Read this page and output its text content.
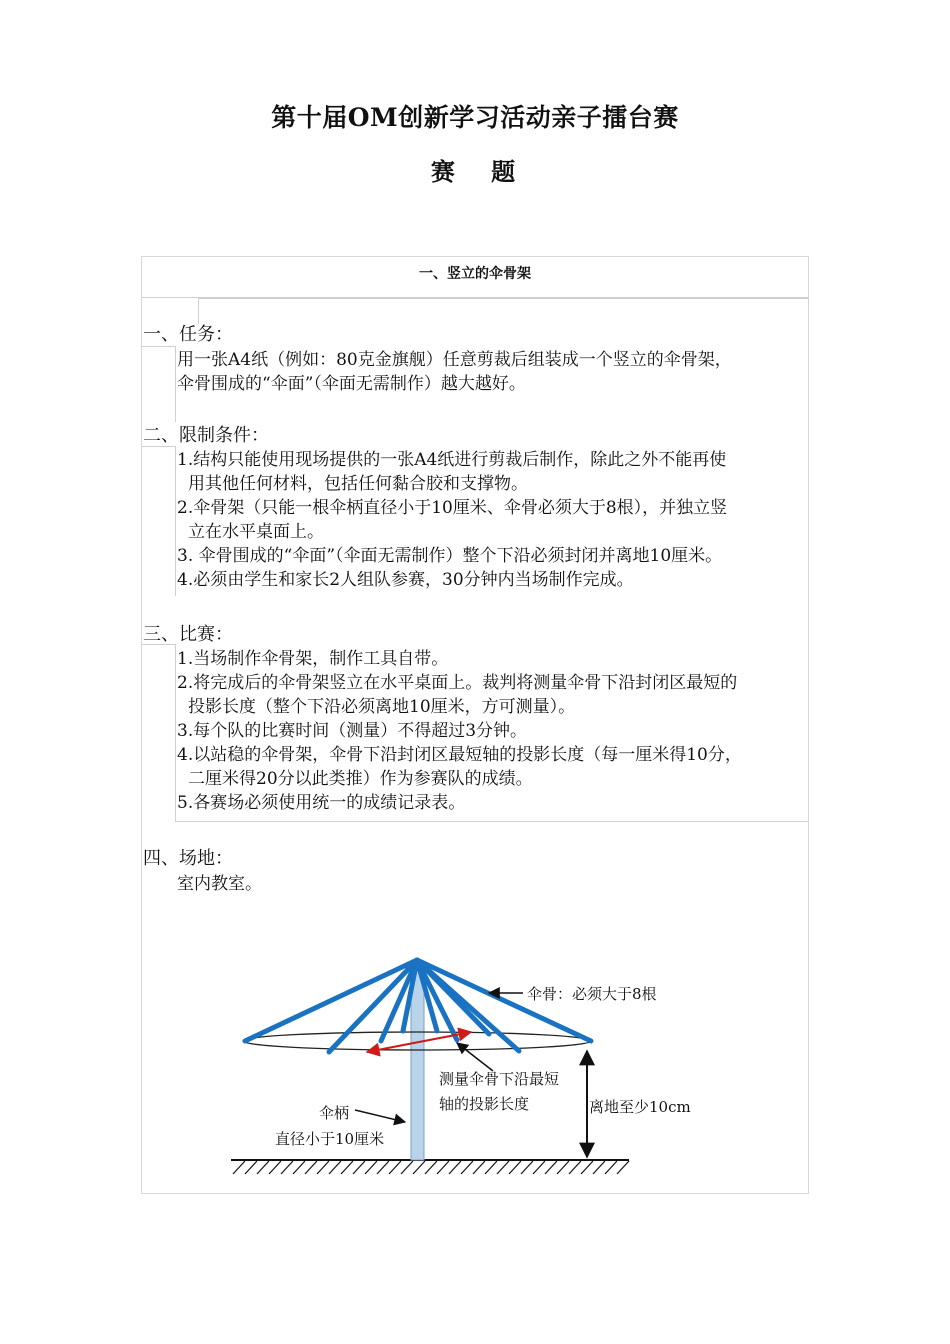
第十届OM创新学习活动亲子擂台赛
赛 题
一、竖立的伞骨架
一、任务：

用一张A4纸（例如：80克金旗舰）任意剪裁后组装成一个竖立的伞骨架，

伞骨围成的“伞面”（伞面无需制作）越大越好。

二、限制条件：

1.结构只能使用现场提供的一张A4纸进行剪裁后制作，除此之外不能再使

用其他任何材料，包括任何黏合胶和支撑物。

2.伞骨架（只能一根伞柄直径小于10厘米、伞骨必须大于8根），并独立竖

立在水平桌面上。

3. 伞骨围成的“伞面”（伞面无需制作）整个下沿必须封闭并离地10厘米。

4.必须由学生和家长2人组队参赛，30分钟内当场制作完成。

三、比赛：

1.当场制作伞骨架，制作工具自带。

2.将完成后的伞骨架竖立在水平桌面上。裁判将测量伞骨下沿封闭区最短的

投影长度（整个下沿必须离地10厘米，方可测量）。

3.每个队的比赛时间（测量）不得超过3分钟。

4.以站稳的伞骨架，伞骨下沿封闭区最短轴的投影长度（每一厘米得10分，

二厘米得20分以此类推）作为参赛队的成绩。

5.各赛场必须使用统一的成绩记录表。

四、场地：

室内教室。

伞骨：必须大于8根
测量伞骨下沿最短
轴的投影长度	离地至少10cm
伞柄
直径小于10厘米
